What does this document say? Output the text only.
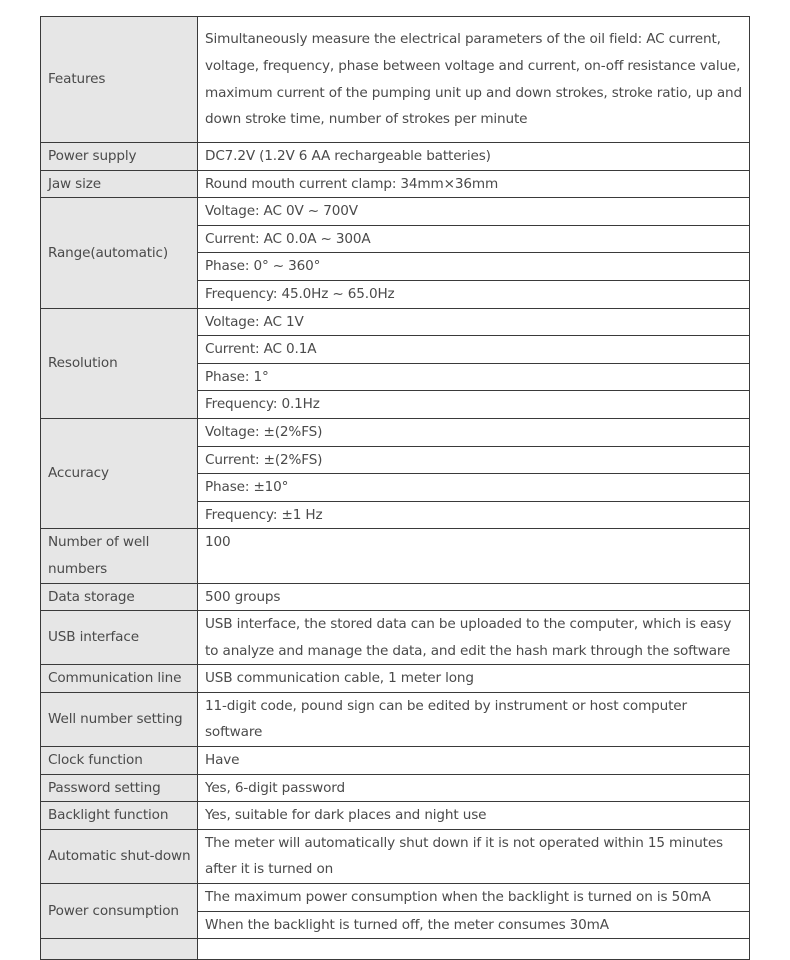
Features	Simultaneously measure the electrical parameters of the oil field: AC current, voltage, frequency, phase between voltage and current, on-off resistance value, maximum current of the pumping unit up and down strokes, stroke ratio, up and down stroke time, number of strokes per minute
Power supply	DC7.2V (1.2V 6 AA rechargeable batteries)
Jaw size	Round mouth current clamp: 34mm×36mm
Range(automatic)	Voltage: AC 0V ~ 700V
	Current: AC 0.0A ~ 300A
	Phase: 0° ~ 360°
	Frequency: 45.0Hz ~ 65.0Hz
Resolution	Voltage: AC 1V
	Current: AC 0.1A
	Phase: 1°
	Frequency: 0.1Hz
Accuracy	Voltage: ±(2%FS)
	Current: ±(2%FS)
	Phase: ±10°
	Frequency: ±1 Hz
Number of well numbers	100
Data storage	500 groups
USB interface	USB interface, the stored data can be uploaded to the computer, which is easy to analyze and manage the data, and edit the hash mark through the software
Communication line	USB communication cable, 1 meter long
Well number setting	11-digit code, pound sign can be edited by instrument or host computer software
Clock function	Have
Password setting	Yes, 6-digit password
Backlight function	Yes, suitable for dark places and night use
Automatic shut-down	The meter will automatically shut down if it is not operated within 15 minutes after it is turned on
Power consumption	The maximum power consumption when the backlight is turned on is 50mA
	When the backlight is turned off, the meter consumes 30mA
